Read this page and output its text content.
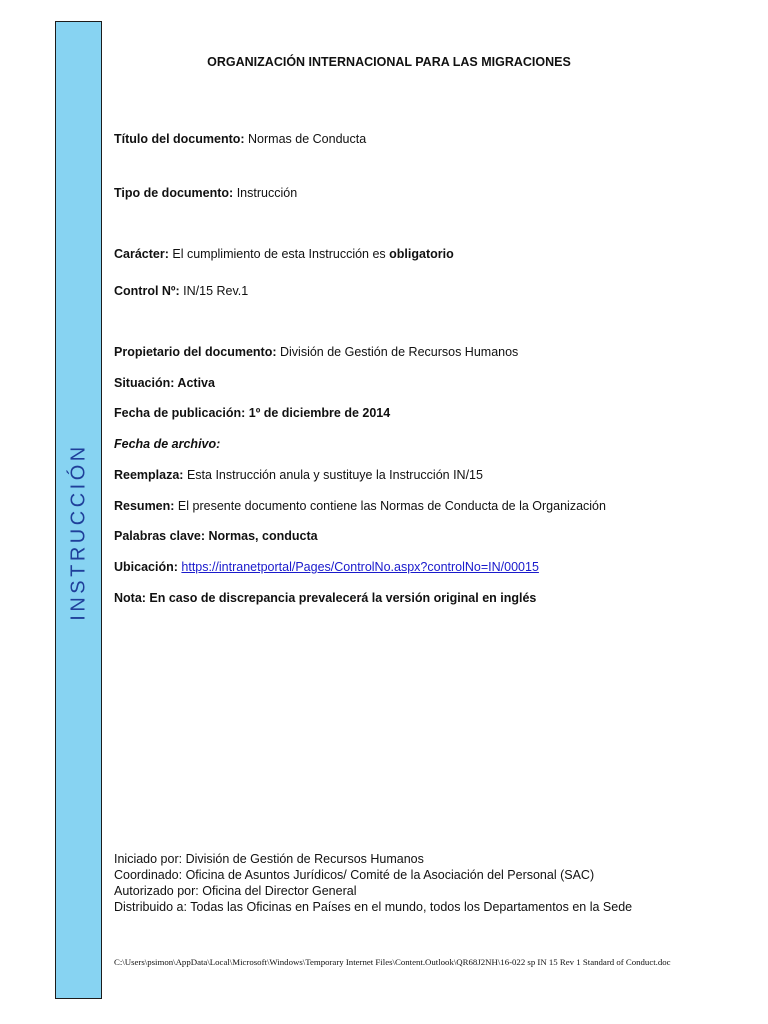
INSTRUCCIÓN
ORGANIZACIÓN INTERNACIONAL PARA LAS MIGRACIONES
Título del documento: Normas de Conducta
Tipo de documento: Instrucción
Carácter: El cumplimiento de esta Instrucción es obligatorio
Control Nº: IN/15 Rev.1
Propietario del documento: División de Gestión de Recursos Humanos
Situación: Activa
Fecha de publicación: 1º de diciembre de 2014
Fecha de archivo:
Reemplaza: Esta Instrucción anula y sustituye la Instrucción IN/15
Resumen: El presente documento contiene las Normas de Conducta de la Organización
Palabras clave: Normas, conducta
Ubicación: https://intranetportal/Pages/ControlNo.aspx?controlNo=IN/00015
Nota: En caso de discrepancia prevalecerá la versión original en inglés
Iniciado por: División de Gestión de Recursos Humanos
Coordinado: Oficina de Asuntos Jurídicos/ Comité de la Asociación del Personal (SAC)
Autorizado por: Oficina del Director General
Distribuido a: Todas las Oficinas en Países en el mundo, todos los Departamentos en la Sede
C:\Users\psimon\AppData\Local\Microsoft\Windows\Temporary Internet Files\Content.Outlook\QR68J2NH\16-022 sp IN 15 Rev 1 Standard of Conduct.doc
